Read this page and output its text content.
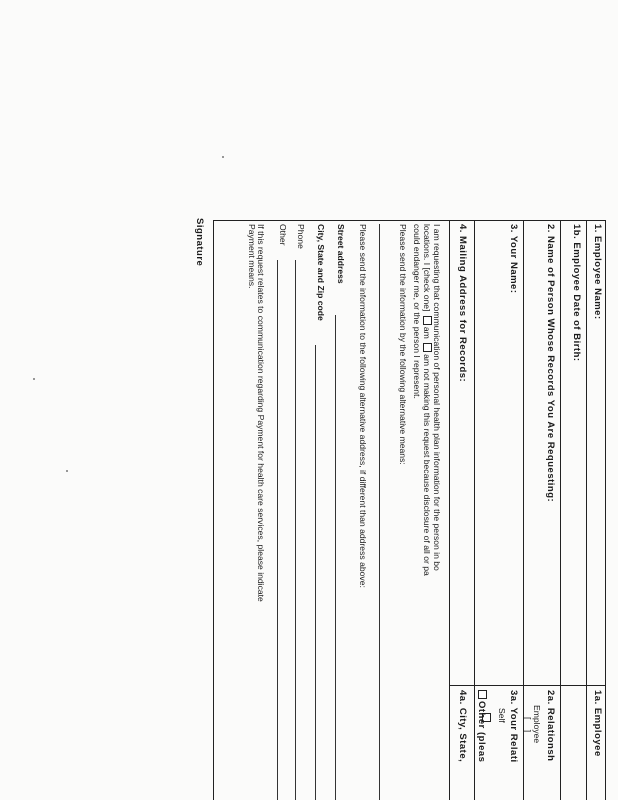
1. Employee Name:
1a. Employee
1b. Employee Date of Birth:
2. Name of Person Whose Records You Are Requesting:
2a. Relationsh
Employee
[ ]
3. Your Name:
3a. Your Relati
Self
Other (pleas
4. Mailing Address for Records:
4a. City, State,
I am requesting that communication of personal health plan information for the person in bo
locations. I [check one] am am not making this request because disclosure of all or pa
could endanger me, or the person I represent.
Please send the information by the following alternative means:
Please send the information to the following alternative address, if different than address above:
Street address
City, State and Zip code
Phone
Other
If this request relates to communication regarding Payment for health care services, please indicate
Payment means.
Signature
